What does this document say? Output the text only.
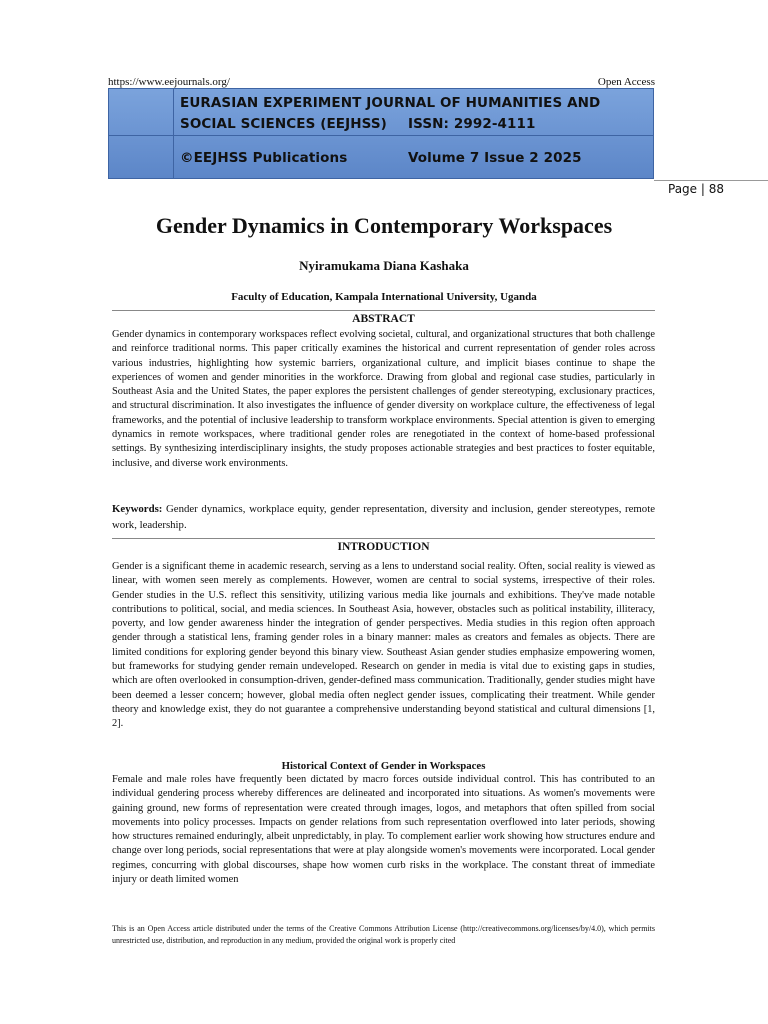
https://www.eejournals.org/	Open Access
EURASIAN EXPERIMENT JOURNAL OF HUMANITIES AND
SOCIAL SCIENCES (EEJHSS) ISSN: 2992-4111
©EEJHSS Publications	Volume 7 Issue 2 2025
Page | 88
Gender Dynamics in Contemporary Workspaces
Nyiramukama Diana Kashaka
Faculty of Education, Kampala International University, Uganda
ABSTRACT
Gender dynamics in contemporary workspaces reflect evolving societal, cultural, and organizational structures that both challenge and reinforce traditional norms. This paper critically examines the historical and current representation of gender roles across various industries, highlighting how systemic barriers, organizational culture, and implicit biases continue to shape the experiences of women and gender minorities in the workforce. Drawing from global and regional case studies, particularly in Southeast Asia and the United States, the paper explores the persistent challenges of gender stereotyping, exclusionary practices, and structural discrimination. It also investigates the influence of gender diversity on workplace culture, the effectiveness of legal frameworks, and the potential of inclusive leadership to transform workplace environments. Special attention is given to emerging dynamics in remote workspaces, where traditional gender roles are renegotiated in the context of home-based professional settings. By synthesizing interdisciplinary insights, the study proposes actionable strategies and best practices to foster equitable, inclusive, and diverse work environments.
Keywords: Gender dynamics, workplace equity, gender representation, diversity and inclusion, gender stereotypes, remote work, leadership.
INTRODUCTION
Gender is a significant theme in academic research, serving as a lens to understand social reality. Often, social reality is viewed as linear, with women seen merely as complements. However, women are central to social systems, irrespective of their roles. Gender studies in the U.S. reflect this sensitivity, utilizing various media like journals and exhibitions. They've made notable contributions to political, social, and media sciences. In Southeast Asia, however, obstacles such as political instability, illiteracy, poverty, and low gender awareness hinder the integration of gender perspectives. Media studies in this region often approach gender through a statistical lens, framing gender roles in a binary manner: males as creators and females as objects. There are limited conditions for exploring gender beyond this binary view. Southeast Asian gender studies emphasize empowering women, but frameworks for studying gender remain undeveloped. Research on gender in media is vital due to existing gaps in studies, which are often overlooked in consumption-driven, gender-defined mass communication. Traditionally, gender studies might have been deemed a lesser concern; however, global media often neglect gender issues, complicating their treatment. While gender theory and knowledge exist, they do not guarantee a comprehensive understanding beyond statistical and cultural dimensions [1, 2].
Historical Context of Gender in Workspaces
Female and male roles have frequently been dictated by macro forces outside individual control. This has contributed to an individual gendering process whereby differences are delineated and incorporated into situations. As women's movements were gaining ground, new forms of representation were created through images, logos, and metaphors that often spilled from social movements into policy processes. Impacts on gender relations from such representation overflowed into later periods, showing how structures remained enduringly, albeit unpredictably, in play. To complement earlier work showing how structures endure and change over long periods, social representations that were at play alongside women's movements were incorporated. Local gender regimes, concurring with global discourses, shape how women curb risks in the workplace. The constant threat of immediate injury or death limited women
This is an Open Access article distributed under the terms of the Creative Commons Attribution License (http://creativecommons.org/licenses/by/4.0), which permits unrestricted use, distribution, and reproduction in any medium, provided the original work is properly cited
